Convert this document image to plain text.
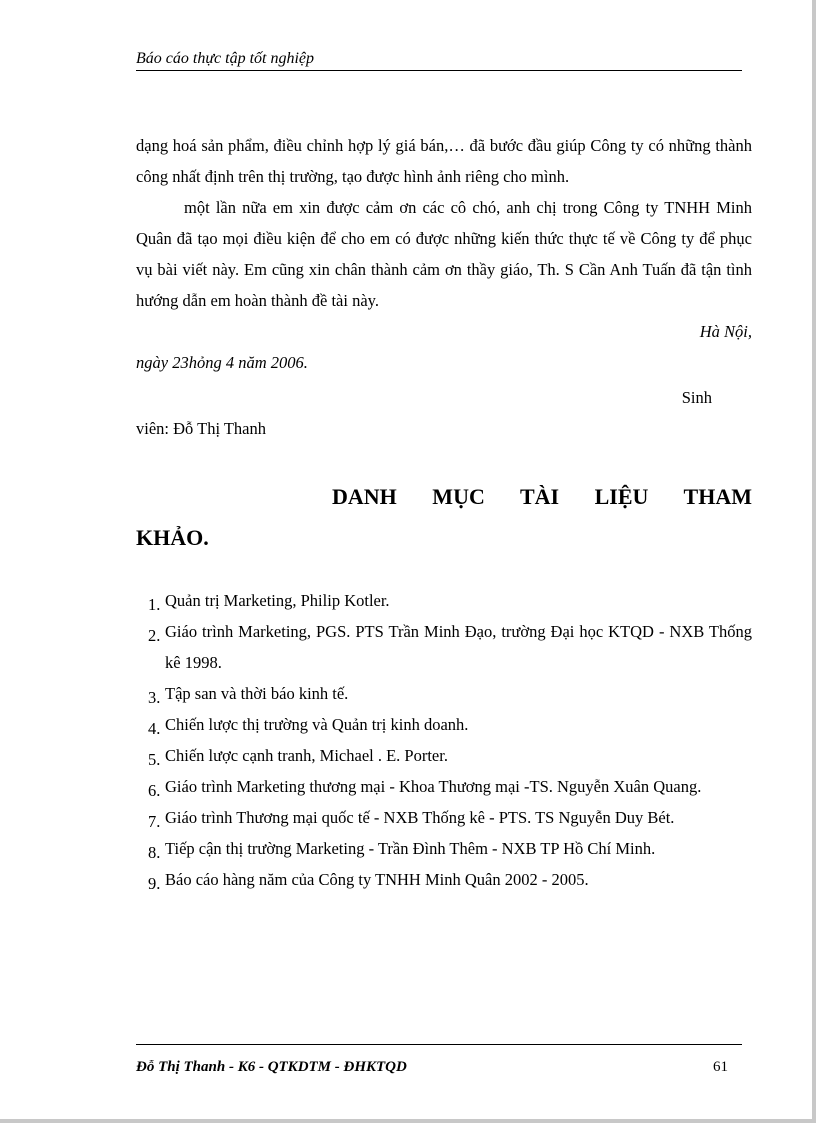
Báo cáo thực tập tốt nghiệp

dạng hoá sản phẩm, điều chỉnh hợp lý giá bán,… đã bước đầu giúp Công ty có những thành công nhất định trên thị trường, tạo được hình ảnh riêng cho mình.

một lần nữa em xin được cảm ơn các cô chó, anh chị trong Công ty TNHH Minh Quân đã tạo mọi điều kiện để cho em có được những kiến thức thực tế về Công ty để phục vụ bài viết này. Em cũng xin chân thành cảm ơn thầy giáo, Th. S Cần Anh Tuấn đã tận tình hướng dẫn em hoàn thành đề tài này.

Hà Nội,

ngày 23hỏng 4 năm 2006.

Sinh

viên: Đỗ Thị Thanh

DANH MỤC TÀI LIỆU THAM
KHẢO.
1. Quản trị Marketing, Philip Kotler.
2. Giáo trình Marketing, PGS. PTS Trần Minh Đạo, trường Đại học KTQD - NXB Thống kê 1998.
3. Tập san và thời báo kinh tế.
4. Chiến lược thị trường và Quản trị kinh doanh.
5. Chiến lược cạnh tranh, Michael . E. Porter.
6. Giáo trình Marketing thương mại - Khoa Thương mại -TS. Nguyễn Xuân Quang.
7. Giáo trình Thương mại quốc tế - NXB Thống kê - PTS. TS Nguyễn Duy Bét.
8. Tiếp cận thị trường Marketing - Trần Đình Thêm - NXB TP Hồ Chí Minh.
9. Báo cáo hàng năm của Công ty TNHH Minh Quân 2002 - 2005.
Đỗ Thị Thanh - K6 - QTKDTM - ĐHKTQD	61
